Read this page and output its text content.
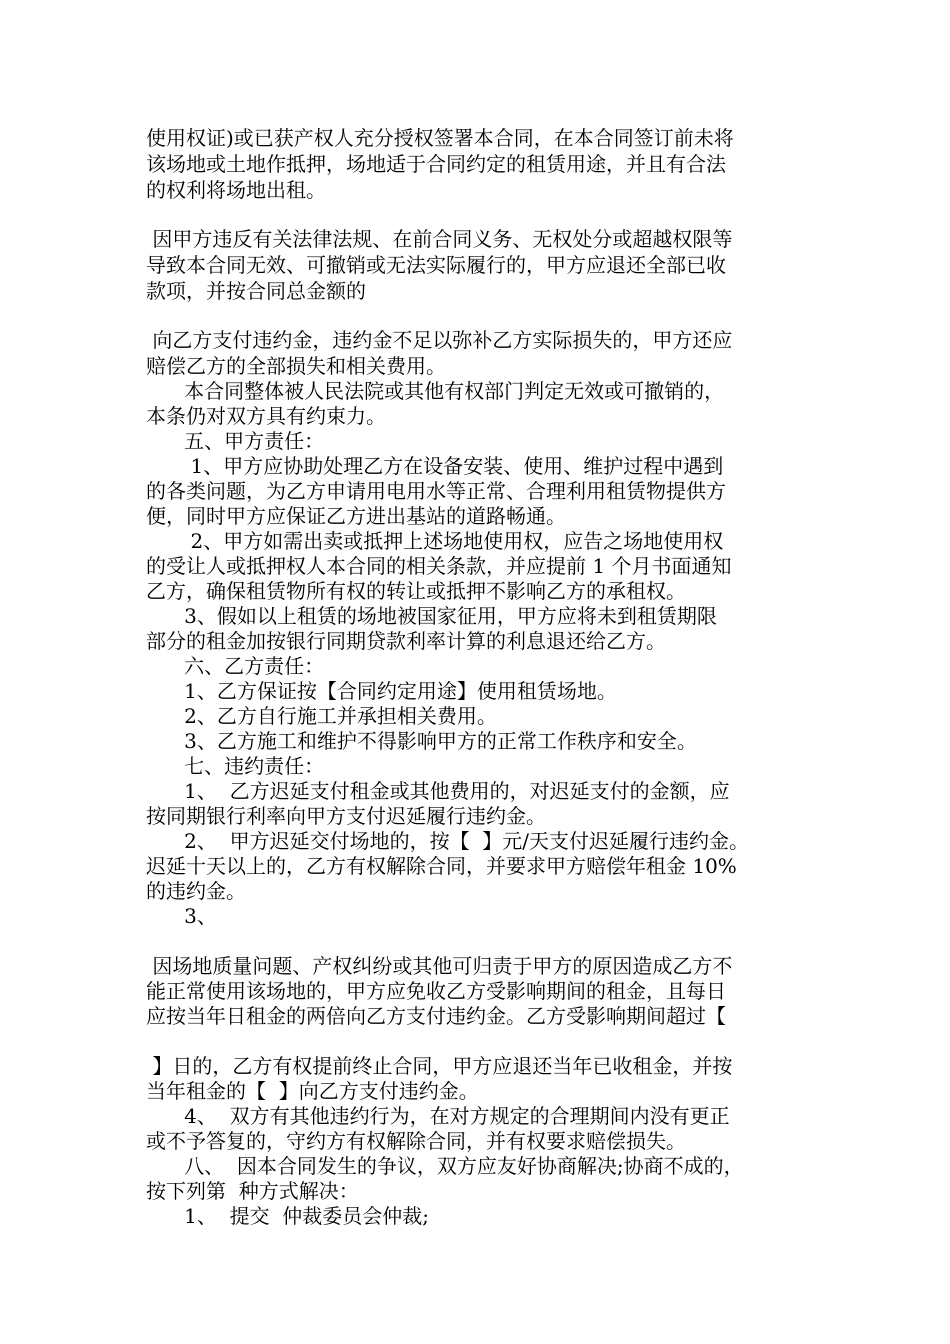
使用权证)或已获产权人充分授权签署本合同，在本合同签订前未将
该场地或土地作抵押，场地适于合同约定的租赁用途，并且有合法
的权利将场地出租。
因甲方违反有关法律法规、在前合同义务、无权处分或超越权限等
导致本合同无效、可撤销或无法实际履行的，甲方应退还全部已收
款项，并按合同总金额的
向乙方支付违约金，违约金不足以弥补乙方实际损失的，甲方还应
赔偿乙方的全部损失和相关费用。
本合同整体被人民法院或其他有权部门判定无效或可撤销的，
本条仍对双方具有约束力。
五、甲方责任：
1、甲方应协助处理乙方在设备安装、使用、维护过程中遇到
的各类问题，为乙方申请用电用水等正常、合理利用租赁物提供方
便，同时甲方应保证乙方进出基站的道路畅通。
2、甲方如需出卖或抵押上述场地使用权，应告之场地使用权
的受让人或抵押权人本合同的相关条款，并应提前 1 个月书面通知
乙方，确保租赁物所有权的转让或抵押不影响乙方的承租权。
3、假如以上租赁的场地被国家征用，甲方应将未到租赁期限
部分的租金加按银行同期贷款利率计算的利息退还给乙方。
六、乙方责任：
1、乙方保证按【合同约定用途】使用租赁场地。
2、乙方自行施工并承担相关费用。
3、乙方施工和维护不得影响甲方的正常工作秩序和安全。
七、违约责任：
1、  乙方迟延支付租金或其他费用的，对迟延支付的金额，应
按同期银行利率向甲方支付迟延履行违约金。
2、  甲方迟延交付场地的，按【  】元/天支付迟延履行违约金。
迟延十天以上的，乙方有权解除合同，并要求甲方赔偿年租金 10%
的违约金。
3、
因场地质量问题、产权纠纷或其他可归责于甲方的原因造成乙方不
能正常使用该场地的，甲方应免收乙方受影响期间的租金，且每日
应按当年日租金的两倍向乙方支付违约金。乙方受影响期间超过【
】日的，乙方有权提前终止合同，甲方应退还当年已收租金，并按
当年租金的【  】向乙方支付违约金。
4、  双方有其他违约行为，在对方规定的合理期间内没有更正
或不予答复的，守约方有权解除合同，并有权要求赔偿损失。
八、  因本合同发生的争议，双方应友好协商解决;协商不成的，
按下列第  种方式解决：
1、  提交  仲裁委员会仲裁;
